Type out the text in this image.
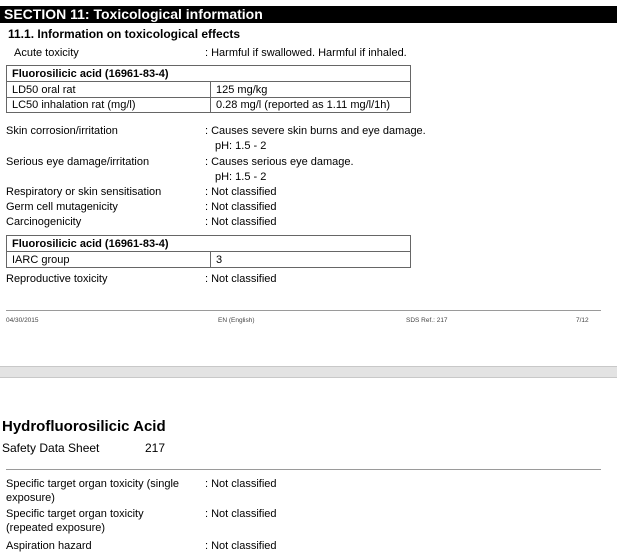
SECTION 11: Toxicological information
11.1. Information on toxicological effects
Acute toxicity	: Harmful if swallowed. Harmful if inhaled.
Fluorosilicic acid (16961-83-4)
LD50 oral rat	125 mg/kg
LC50 inhalation rat (mg/l)	0.28 mg/l (reported as 1.11 mg/l/1h)
Skin corrosion/irritation	: Causes severe skin burns and eye damage.
pH: 1.5 - 2
Serious eye damage/irritation	: Causes serious eye damage.
pH: 1.5 - 2
Respiratory or skin sensitisation	: Not classified
Germ cell mutagenicity	: Not classified
Carcinogenicity	: Not classified
Fluorosilicic acid (16961-83-4)
IARC group	3
Reproductive toxicity	: Not classified
04/30/2015	EN (English)	SDS Ref.: 217	7/12
Hydrofluorosilicic Acid
Safety Data Sheet	217
Specific target organ toxicity (single
exposure)
: Not classified
Specific target organ toxicity
(repeated exposure)
: Not classified
Aspiration hazard	: Not classified
